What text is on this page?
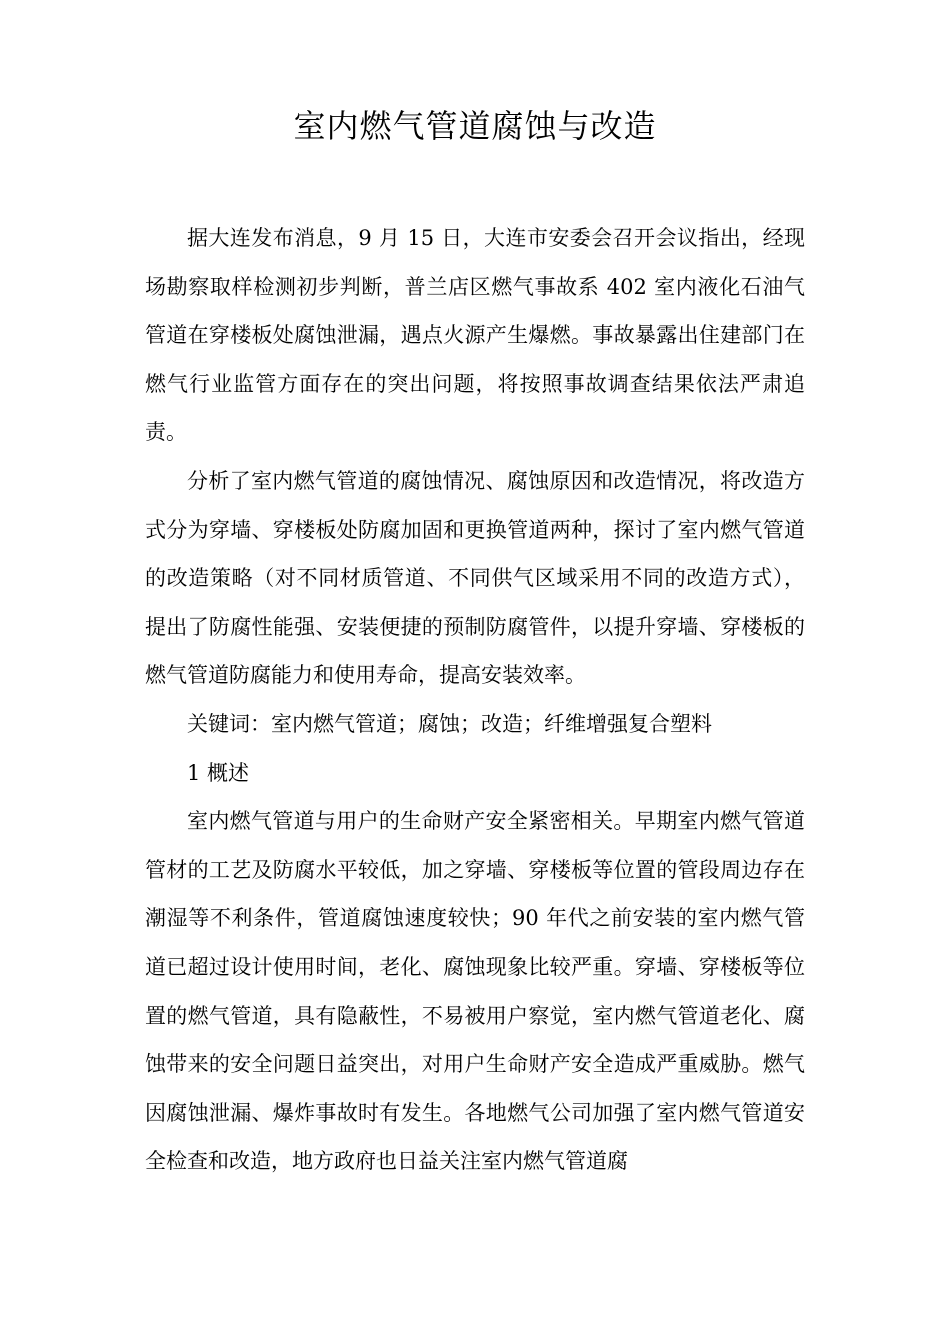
室内燃气管道腐蚀与改造

据大连发布消息，9 月 15 日，大连市安委会召开会议指出，经现场勘察取样检测初步判断，普兰店区燃气事故系 402 室内液化石油气管道在穿楼板处腐蚀泄漏，遇点火源产生爆燃。事故暴露出住建部门在燃气行业监管方面存在的突出问题，将按照事故调查结果依法严肃追责。

分析了室内燃气管道的腐蚀情况、腐蚀原因和改造情况，将改造方式分为穿墙、穿楼板处防腐加固和更换管道两种，探讨了室内燃气管道的改造策略（对不同材质管道、不同供气区域采用不同的改造方式），提出了防腐性能强、安装便捷的预制防腐管件，以提升穿墙、穿楼板的燃气管道防腐能力和使用寿命，提高安装效率。

关键词：室内燃气管道；腐蚀；改造；纤维增强复合塑料

1 概述

室内燃气管道与用户的生命财产安全紧密相关。早期室内燃气管道管材的工艺及防腐水平较低，加之穿墙、穿楼板等位置的管段周边存在潮湿等不利条件，管道腐蚀速度较快；90 年代之前安装的室内燃气管道已超过设计使用时间，老化、腐蚀现象比较严重。穿墙、穿楼板等位置的燃气管道，具有隐蔽性，不易被用户察觉，室内燃气管道老化、腐蚀带来的安全问题日益突出，对用户生命财产安全造成严重威胁。燃气因腐蚀泄漏、爆炸事故时有发生。各地燃气公司加强了室内燃气管道安全检查和改造，地方政府也日益关注室内燃气管道腐
